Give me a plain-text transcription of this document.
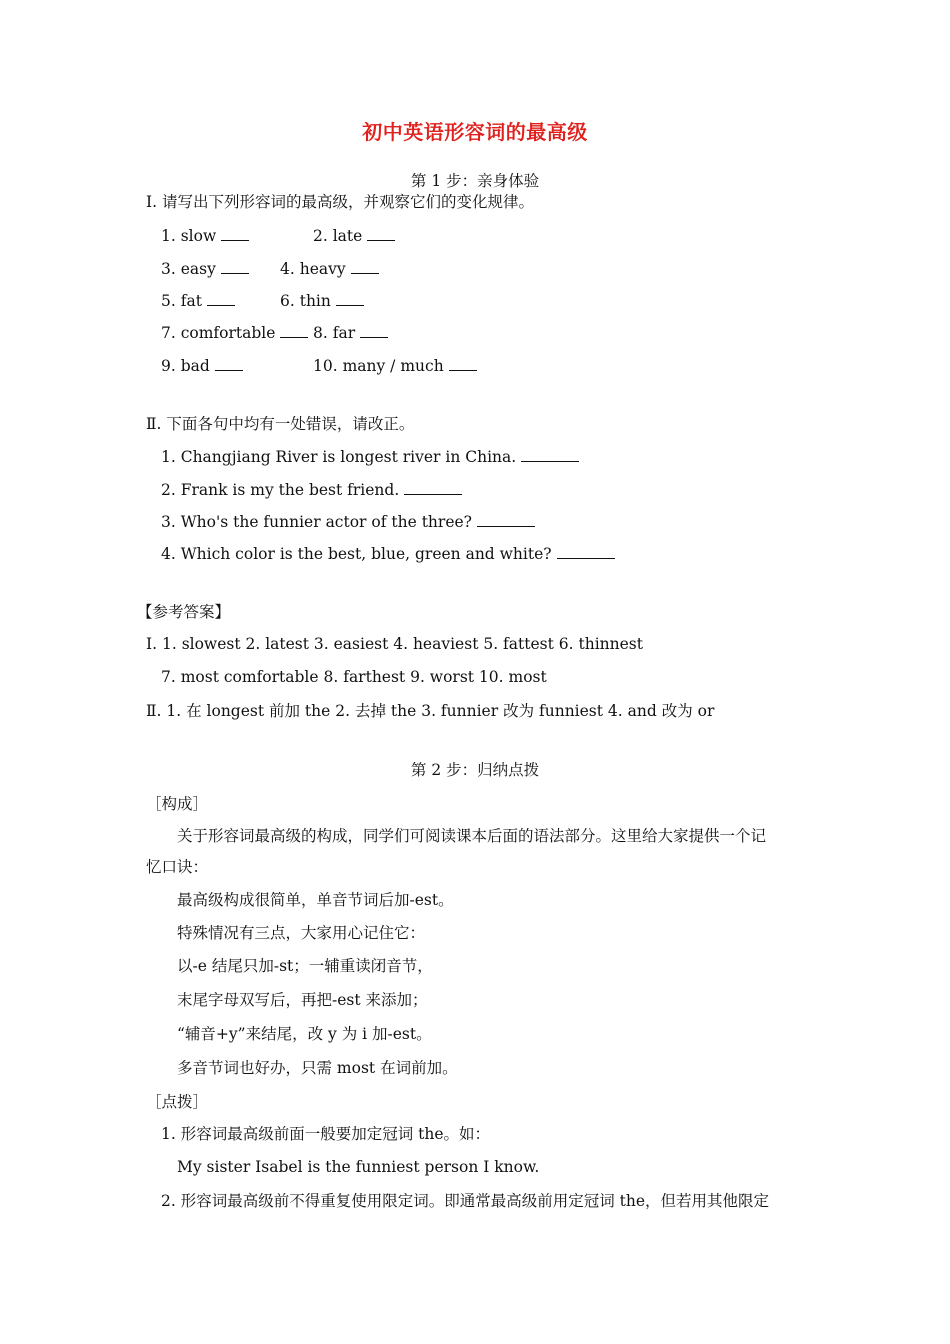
初中英语形容词的最高级
第 1 步：亲身体验
Ⅰ. 请写出下列形容词的最高级，并观察它们的变化规律。
1. slow	2. late
3. easy	4. heavy
5. fat	6. thin
7. comfortable	8. far
9. bad	10. many / much
Ⅱ. 下面各句中均有一处错误，请改正。
1. Changjiang River is longest river in China.
2. Frank is my the best friend.
3. Who's the funnier actor of the three?
4. Which color is the best, blue, green and white?
【参考答案】
Ⅰ. 1. slowest 2. latest 3. easiest 4. heaviest 5. fattest 6. thinnest
7. most comfortable 8. farthest 9. worst 10. most
Ⅱ. 1. 在 longest 前加 the 2. 去掉 the 3. funnier 改为 funniest 4. and 改为 or
第 2 步：归纳点拨
［构成］
关于形容词最高级的构成，同学们可阅读课本后面的语法部分。这里给大家提供一个记
忆口诀：
最高级构成很简单，单音节词后加-est。
特殊情况有三点，大家用心记住它：
以-e 结尾只加-st；一辅重读闭音节，
末尾字母双写后，再把-est 来添加；
“辅音+y”来结尾，改 y 为 i 加-est。
多音节词也好办，只需 most 在词前加。
［点拨］
1. 形容词最高级前面一般要加定冠词 the。如：
My sister Isabel is the funniest person I know.
2. 形容词最高级前不得重复使用限定词。即通常最高级前用定冠词 the，但若用其他限定
